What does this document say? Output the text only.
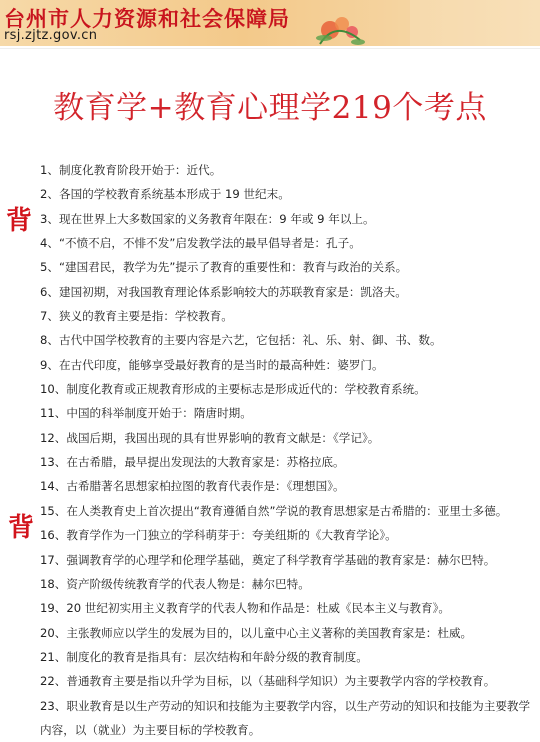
台州市人力资源和社会保障局
rsj.zjtz.gov.cn
教育学+教育心理学219个考点
背
背
1、制度化教育阶段开始于：近代。
2、各国的学校教育系统基本形成于 19 世纪末。
3、现在世界上大多数国家的义务教育年限在：9 年或 9 年以上。
4、“不愤不启，不悱不发”启发教学法的最早倡导者是：孔子。
5、“建国君民，教学为先”提示了教育的重要性和：教育与政治的关系。
6、建国初期，对我国教育理论体系影响较大的苏联教育家是：凯洛夫。
7、狭义的教育主要是指：学校教育。
8、古代中国学校教育的主要内容是六艺，它包括：礼、乐、射、御、书、数。
9、在古代印度，能够享受最好教育的是当时的最高种姓：婆罗门。
10、制度化教育或正规教育形成的主要标志是形成近代的：学校教育系统。
11、中国的科举制度开始于：隋唐时期。
12、战国后期，我国出现的具有世界影响的教育文献是：《学记》。
13、在古希腊，最早提出发现法的大教育家是：苏格拉底。
14、古希腊著名思想家柏拉图的教育代表作是：《理想国》。
15、在人类教育史上首次提出“教育遵循自然”学说的教育思想家是古希腊的：亚里士多德。
16、教育学作为一门独立的学科萌芽于：夸美纽斯的《大教育学论》。
17、强调教育学的心理学和伦理学基础，奠定了科学教育学基础的教育家是：赫尔巴特。
18、资产阶级传统教育学的代表人物是：赫尔巴特。
19、20 世纪初实用主义教育学的代表人物和作品是：杜威《民本主义与教育》。
20、主张教师应以学生的发展为目的，以儿童中心主义著称的美国教育家是：杜威。
21、制度化的教育是指具有：层次结构和年龄分级的教育制度。
22、普通教育主要是指以升学为目标，以（基础科学知识）为主要教学内容的学校教育。
23、职业教育是以生产劳动的知识和技能为主要教学内容，以生产劳动的知识和技能为主要教学内容，以（就业）为主要目标的学校教育。
